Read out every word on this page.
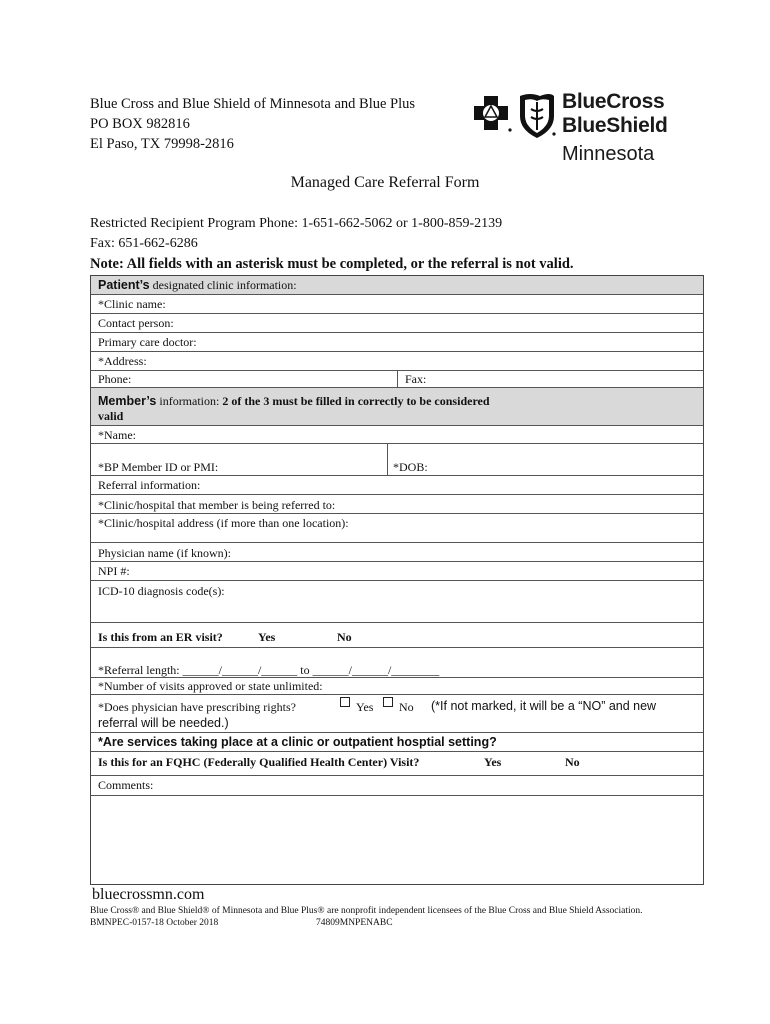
Blue Cross and Blue Shield of Minnesota and Blue Plus
PO BOX 982816
El Paso, TX 79998-2816
BlueCross
BlueShield
Minnesota
Managed Care Referral Form
Restricted Recipient Program Phone: 1-651-662-5062 or 1-800-859-2139
Fax: 651-662-6286
Note: All fields with an asterisk must be completed, or the referral is not valid.
Patient’s designated clinic information:
*Clinic name:
Contact person:
Primary care doctor:
*Address:
Phone:	Fax:
Member’s information: 2 of the 3 must be filled in correctly to be considered
valid
*Name:
*BP Member ID or PMI:	*DOB:
Referral information:
*Clinic/hospital that member is being referred to:
*Clinic/hospital address (if more than one location):
Physician name (if known):
NPI #:
ICD-10 diagnosis code(s):
Is this from an ER visit?	Yes	No
*Referral length: ______/______/______ to ______/______/________
*Number of visits approved or state unlimited:
*Does physician have prescribing rights?	Yes	No (*If not marked, it will be a “NO” and new
referral will be needed.)
*Are services taking place at a clinic or outpatient hosptial setting?
Is this for an FQHC (Federally Qualified Health Center) Visit?	Yes	No
Comments:
bluecrossmn.com
Blue Cross® and Blue Shield® of Minnesota and Blue Plus® are nonprofit independent licensees of the Blue Cross and Blue Shield Association.
BMNPEC-0157-18 October 2018	74809MNPENABC
